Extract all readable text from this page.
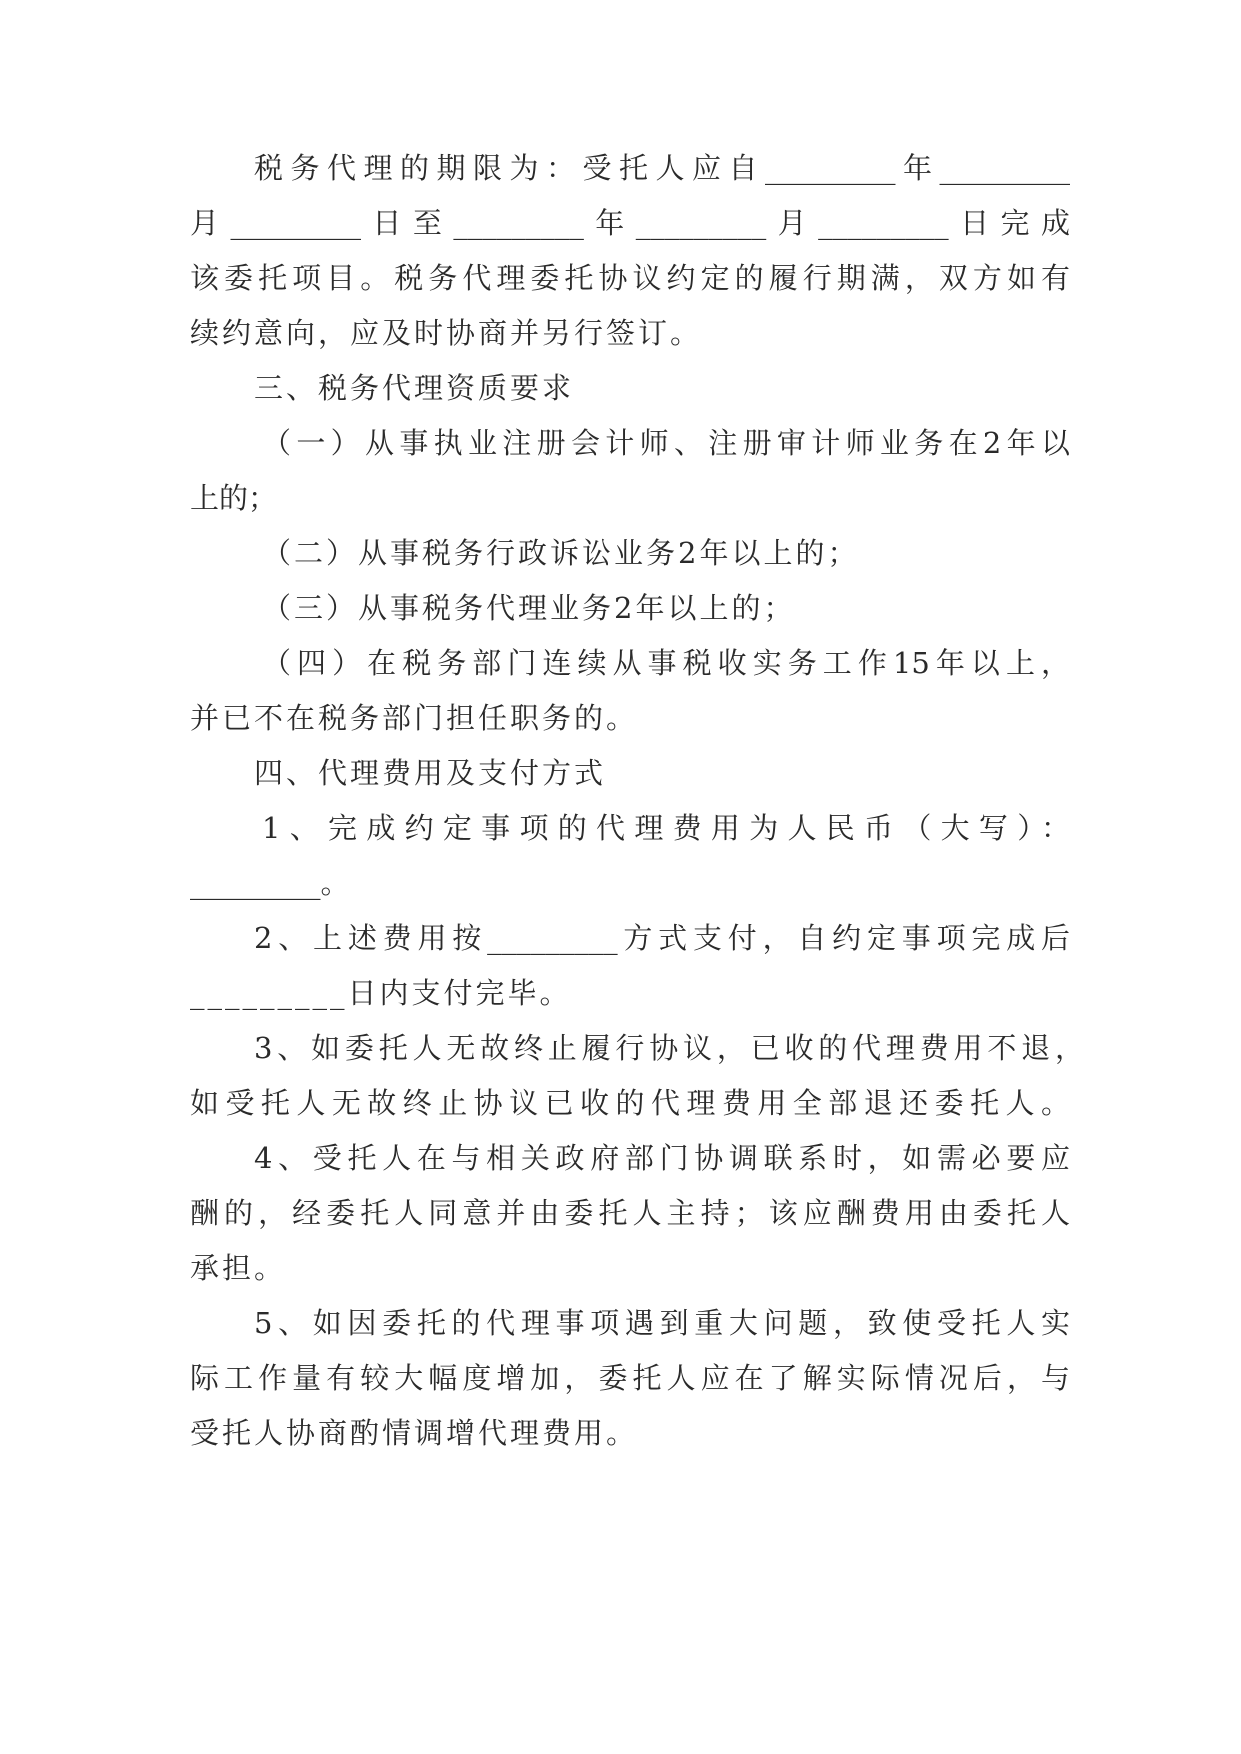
税务代理的期限为：受托人应自_________年_________
月_________日至_________年_________月_________日完成
该委托项目。税务代理委托协议约定的履行期满，双方如有
续约意向，应及时协商并另行签订。
三、税务代理资质要求
（一）从事执业注册会计师、注册审计师业务在2年以
上的；
（二）从事税务行政诉讼业务2年以上的；
（三）从事税务代理业务2年以上的；
（四）在税务部门连续从事税收实务工作15年以上，
并已不在税务部门担任职务的。
四、代理费用及支付方式
1、完成约定事项的代理费用为人民币（大写）：
_________。
2、上述费用按_________方式支付，自约定事项完成后
_________日内支付完毕。
3、如委托人无故终止履行协议，已收的代理费用不退，
如受托人无故终止协议已收的代理费用全部退还委托人。
4、受托人在与相关政府部门协调联系时，如需必要应
酬的，经委托人同意并由委托人主持；该应酬费用由委托人
承担。
5、如因委托的代理事项遇到重大问题，致使受托人实
际工作量有较大幅度增加，委托人应在了解实际情况后，与
受托人协商酌情调增代理费用。
